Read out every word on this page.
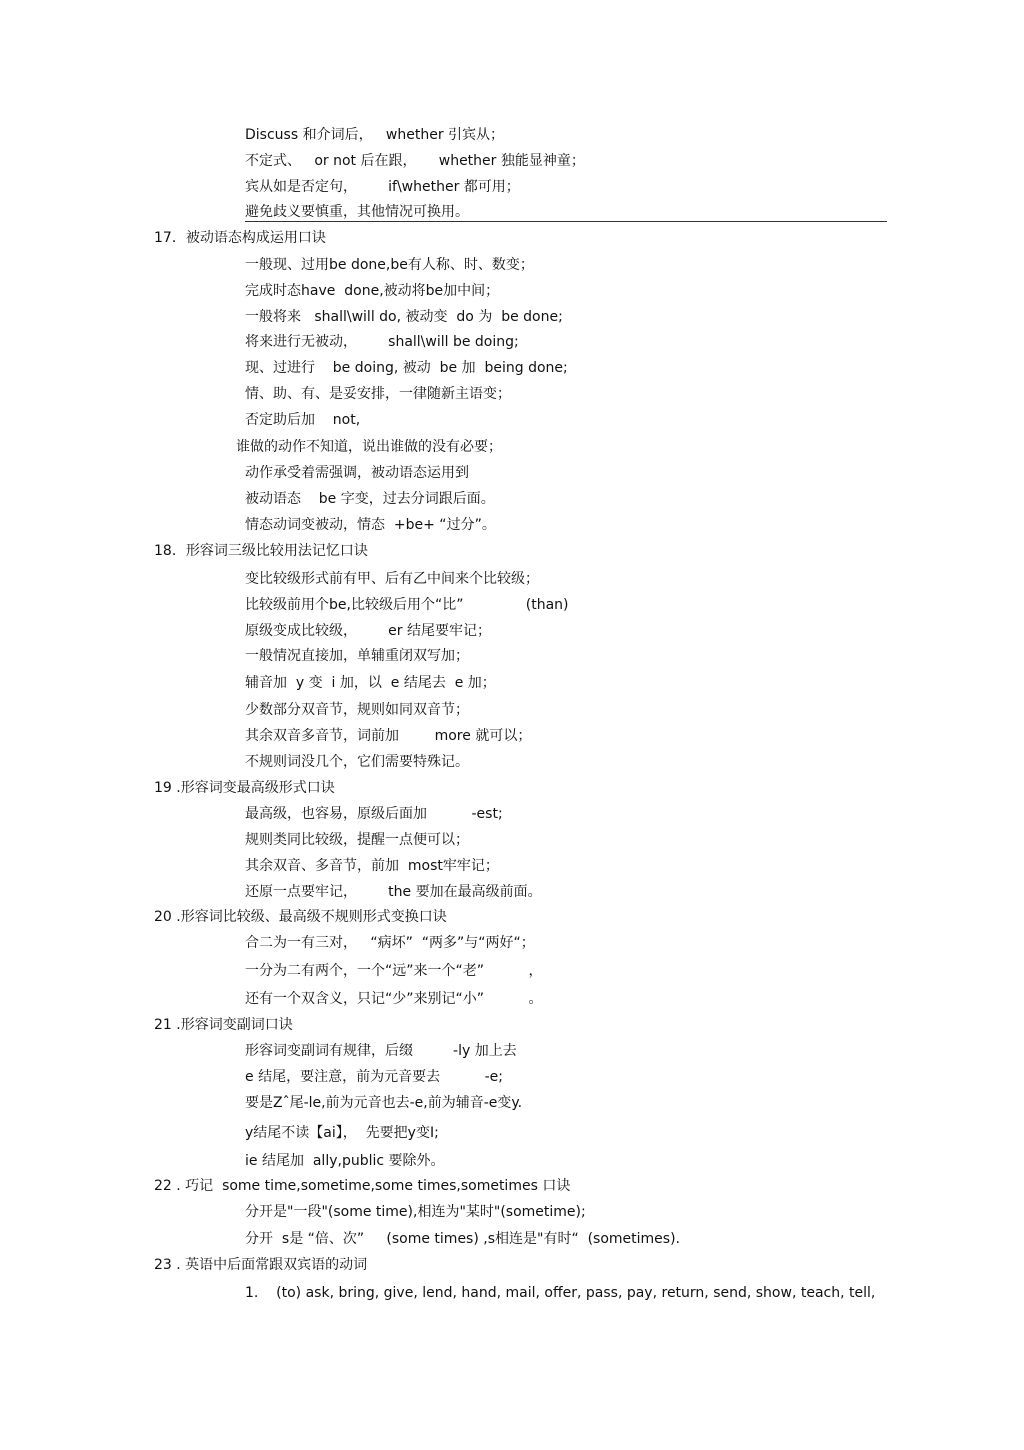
Discuss 和介词后，   whether 引宾从；
不定式、   or not 后在跟，     whether 独能显神童；
宾从如是否定句，       if\whether 都可用；
避免歧义要慎重，其他情况可换用。
17．被动语态构成运用口诀
一般现、过用be done,be有人称、时、数变；
完成时态have  done,被动将be加中间；
一般将来   shall\will do, 被动变  do 为  be done;
将来进行无被动，       shall\will be doing;
现、过进行    be doing, 被动  be 加  being done;
情、助、有、是妥安排，一律随新主语变；
否定助后加    not,
谁做的动作不知道，说出谁做的没有必要；
动作承受着需强调，被动语态运用到
被动语态    be 字变，过去分词跟后面。
情态动词变被动，情态  +be+ “过分”。
18．形容词三级比较用法记忆口诀
变比较级形式前有甲、后有乙中间来个比较级；
比较级前用个be,比较级后用个“比”              (than)
原级变成比较级，       er 结尾要牢记；
一般情况直接加，单辅重闭双写加；
辅音加  y 变  i 加，以  e 结尾去  e 加；
少数部分双音节，规则如同双音节；
其余双音多音节，词前加        more 就可以；
不规则词没几个，它们需要特殊记。
19 .形容词变最高级形式口诀
最高级，也容易，原级后面加          -est;
规则类同比较级，提醒一点便可以；
其余双音、多音节，前加  most牢牢记；
还原一点要牢记，       the 要加在最高级前面。
20 .形容词比较级、最高级不规则形式变换口诀
合二为一有三对，   “病坏”  “两多”与“两好“；
一分为二有两个，一个“远”来一个“老”          ，
还有一个双含义，只记“少”来别记“小”          。
21 .形容词变副词口诀
形容词变副词有规律，后缀         -ly 加上去
e 结尾，要注意，前为元音要去          -e;
要是Zˆ尾-le,前为元音也去-e,前为辅音-e变y.
y结尾不读【ai】，  先要把y变I;
ie 结尾加  ally,public 要除外。
22 . 巧记  some time,sometime,some times,sometimes 口诀
分开是"一段"(some time),相连为"某时"(sometime);
分开  s是 “倍、次”     (some times) ,s相连是"有时“  (sometimes).
23 . 英语中后面常跟双宾语的动词
1.    (to) ask, bring, give, lend, hand, mail, offer, pass, pay, return, send, show, teach, tell,
